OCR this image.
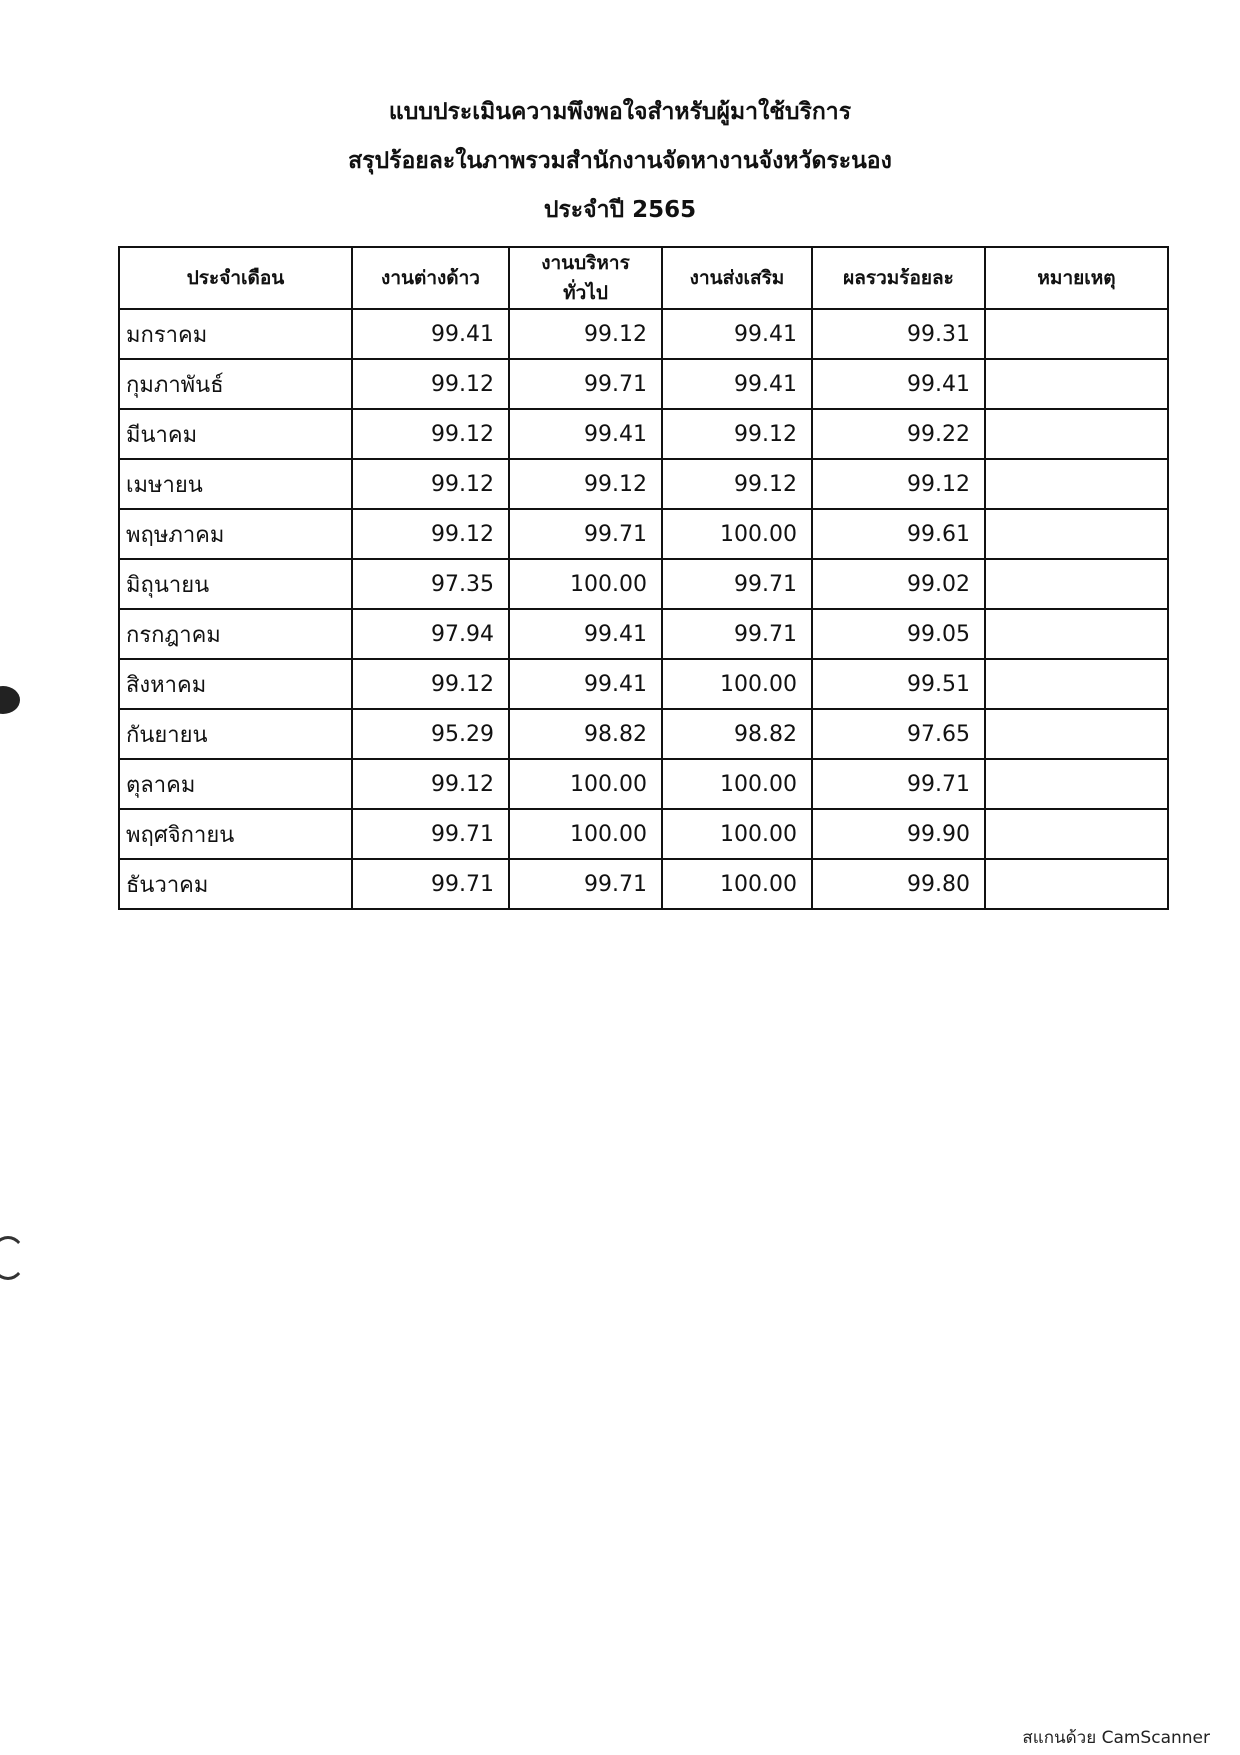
แบบประเมินความพึงพอใจสำหรับผู้มาใช้บริการ

สรุปร้อยละในภาพรวมสำนักงานจัดหางานจังหวัดระนอง

ประจำปี 2565

ประจำเดือน	งานต่างด้าว	งานบริหารทั่วไป	งานส่งเสริม	ผลรวมร้อยละ	หมายเหตุ
มกราคม	99.41	99.12	99.41	99.31	
กุมภาพันธ์	99.12	99.71	99.41	99.41	
มีนาคม	99.12	99.41	99.12	99.22	
เมษายน	99.12	99.12	99.12	99.12	
พฤษภาคม	99.12	99.71	100.00	99.61	
มิถุนายน	97.35	100.00	99.71	99.02	
กรกฎาคม	97.94	99.41	99.71	99.05	
สิงหาคม	99.12	99.41	100.00	99.51	
กันยายน	95.29	98.82	98.82	97.65	
ตุลาคม	99.12	100.00	100.00	99.71	
พฤศจิกายน	99.71	100.00	100.00	99.90	
ธันวาคม	99.71	99.71	100.00	99.80	
สแกนด้วย CamScanner
